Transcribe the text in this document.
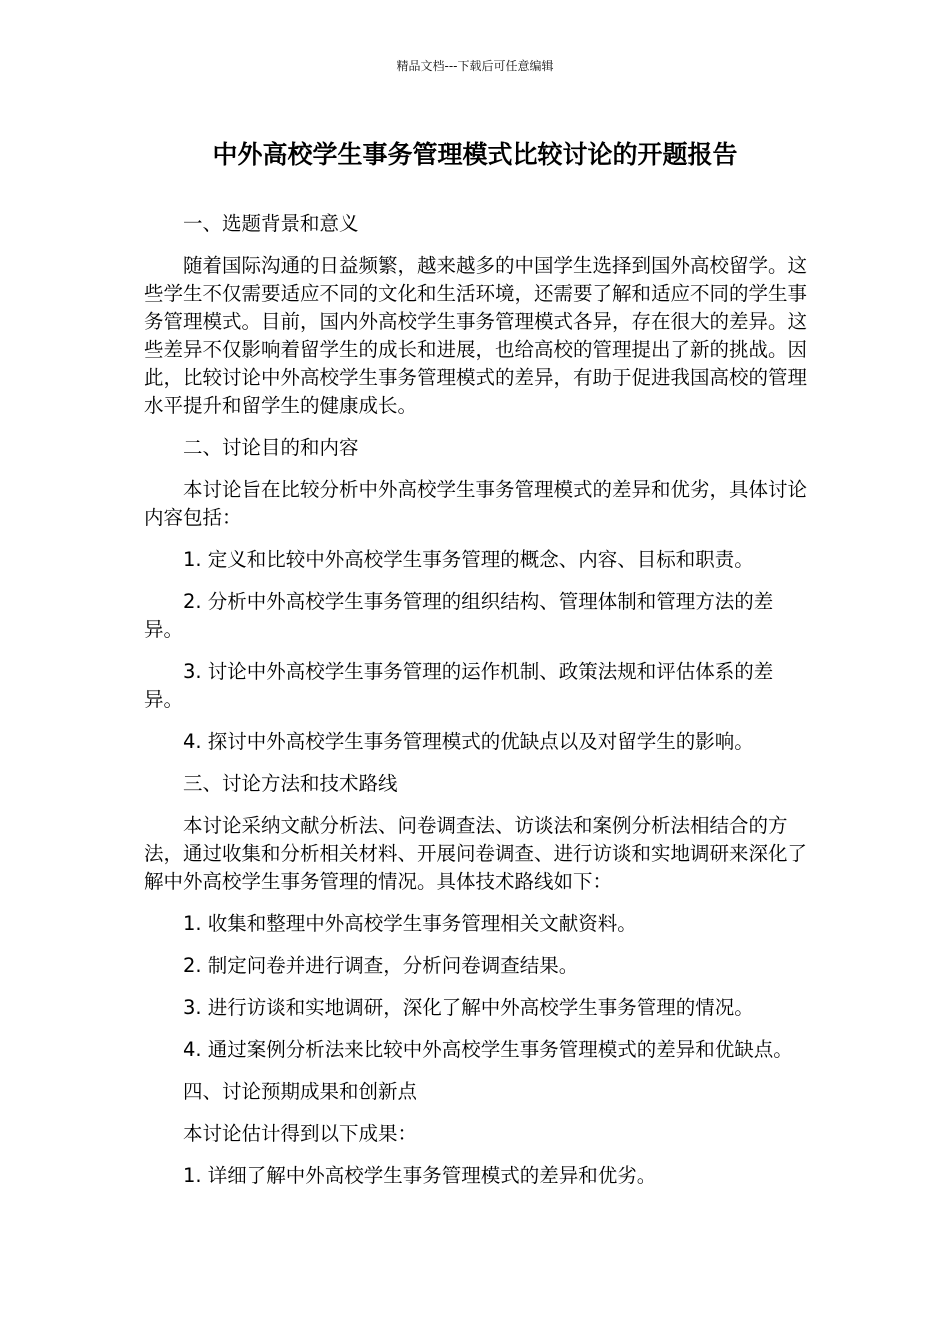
精品文档---下载后可任意编辑
中外高校学生事务管理模式比较讨论的开题报告

一、选题背景和意义

随着国际沟通的日益频繁，越来越多的中国学生选择到国外高校留学。这些学生不仅需要适应不同的文化和生活环境，还需要了解和适应不同的学生事务管理模式。目前，国内外高校学生事务管理模式各异，存在很大的差异。这些差异不仅影响着留学生的成长和进展，也给高校的管理提出了新的挑战。因此，比较讨论中外高校学生事务管理模式的差异，有助于促进我国高校的管理水平提升和留学生的健康成长。

二、讨论目的和内容

本讨论旨在比较分析中外高校学生事务管理模式的差异和优劣，具体讨论内容包括：

1. 定义和比较中外高校学生事务管理的概念、内容、目标和职责。

2. 分析中外高校学生事务管理的组织结构、管理体制和管理方法的差异。

3. 讨论中外高校学生事务管理的运作机制、政策法规和评估体系的差异。

4. 探讨中外高校学生事务管理模式的优缺点以及对留学生的影响。

三、讨论方法和技术路线

本讨论采纳文献分析法、问卷调查法、访谈法和案例分析法相结合的方法，通过收集和分析相关材料、开展问卷调查、进行访谈和实地调研来深化了解中外高校学生事务管理的情况。具体技术路线如下：

1. 收集和整理中外高校学生事务管理相关文献资料。

2. 制定问卷并进行调查，分析问卷调查结果。

3. 进行访谈和实地调研，深化了解中外高校学生事务管理的情况。

4. 通过案例分析法来比较中外高校学生事务管理模式的差异和优缺点。

四、讨论预期成果和创新点

本讨论估计得到以下成果：

1. 详细了解中外高校学生事务管理模式的差异和优劣。
